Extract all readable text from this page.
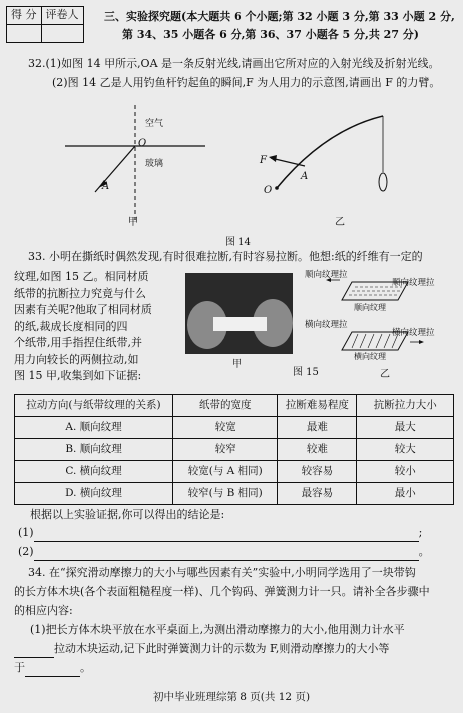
得 分	评卷人
	三、实验探究题(本大题共 6 个小题;第 32 小题 3 分,第 33 小题 2 分,
第 34、35 小题各 6 分,第 36、37 小题各 5 分,共 27 分)
32.(1)如图 14 甲所示,OA 是一条反射光线,请画出它所对应的入射光线及折射光线。
(2)图 14 乙是人用钓鱼杆钓起鱼的瞬间,F 为人用力的示意图,请画出 F 的力臂。
空气
玻璃
O
A
甲
F
A
O
乙
图 14
33. 小明在撕纸时偶然发现,有时很难拉断,有时容易拉断。他想:纸的纤维有一定的
纹理,如图 15 乙。相同材质
纸带的抗断拉力究竟与什么
因素有关呢?他取了相同材质
的纸,裁成长度相同的四
个纸带,用手指捏住纸带,并
用力向较长的两侧拉动,如
图 15 甲,收集到如下证据:
甲
图 15
顺向纹理拉
顺向纹理拉
顺向纹理
横向纹理拉
横向纹理拉
横向纹理
乙
拉动方向(与纸带纹理的关系)	纸带的宽度	拉断难易程度	抗断拉力大小
A. 顺向纹理	较宽	最难	最大
B. 顺向纹理	较窄	较难	较大
C. 横向纹理	较宽(与 A 相同)	较容易	较小
D. 横向纹理	较窄(与 B 相同)	最容易	最小
根据以上实验证据,你可以得出的结论是:
(1)	;
(2)	。
34. 在“探究滑动摩擦力的大小与哪些因素有关”实验中,小明同学选用了一块带钩
的长方体木块(各个表面粗糙程度一样)、几个钩码、弹簧测力计一只。请补全各步骤中
的相应内容:
(1)把长方体木块平放在水平桌面上,为测出滑动摩擦力的大小,他用测力计水平
拉动木块运动,记下此时弹簧测力计的示数为 F,则滑动摩擦力的大小等
于	。
初中毕业班理综第 8 页(共 12 页)
